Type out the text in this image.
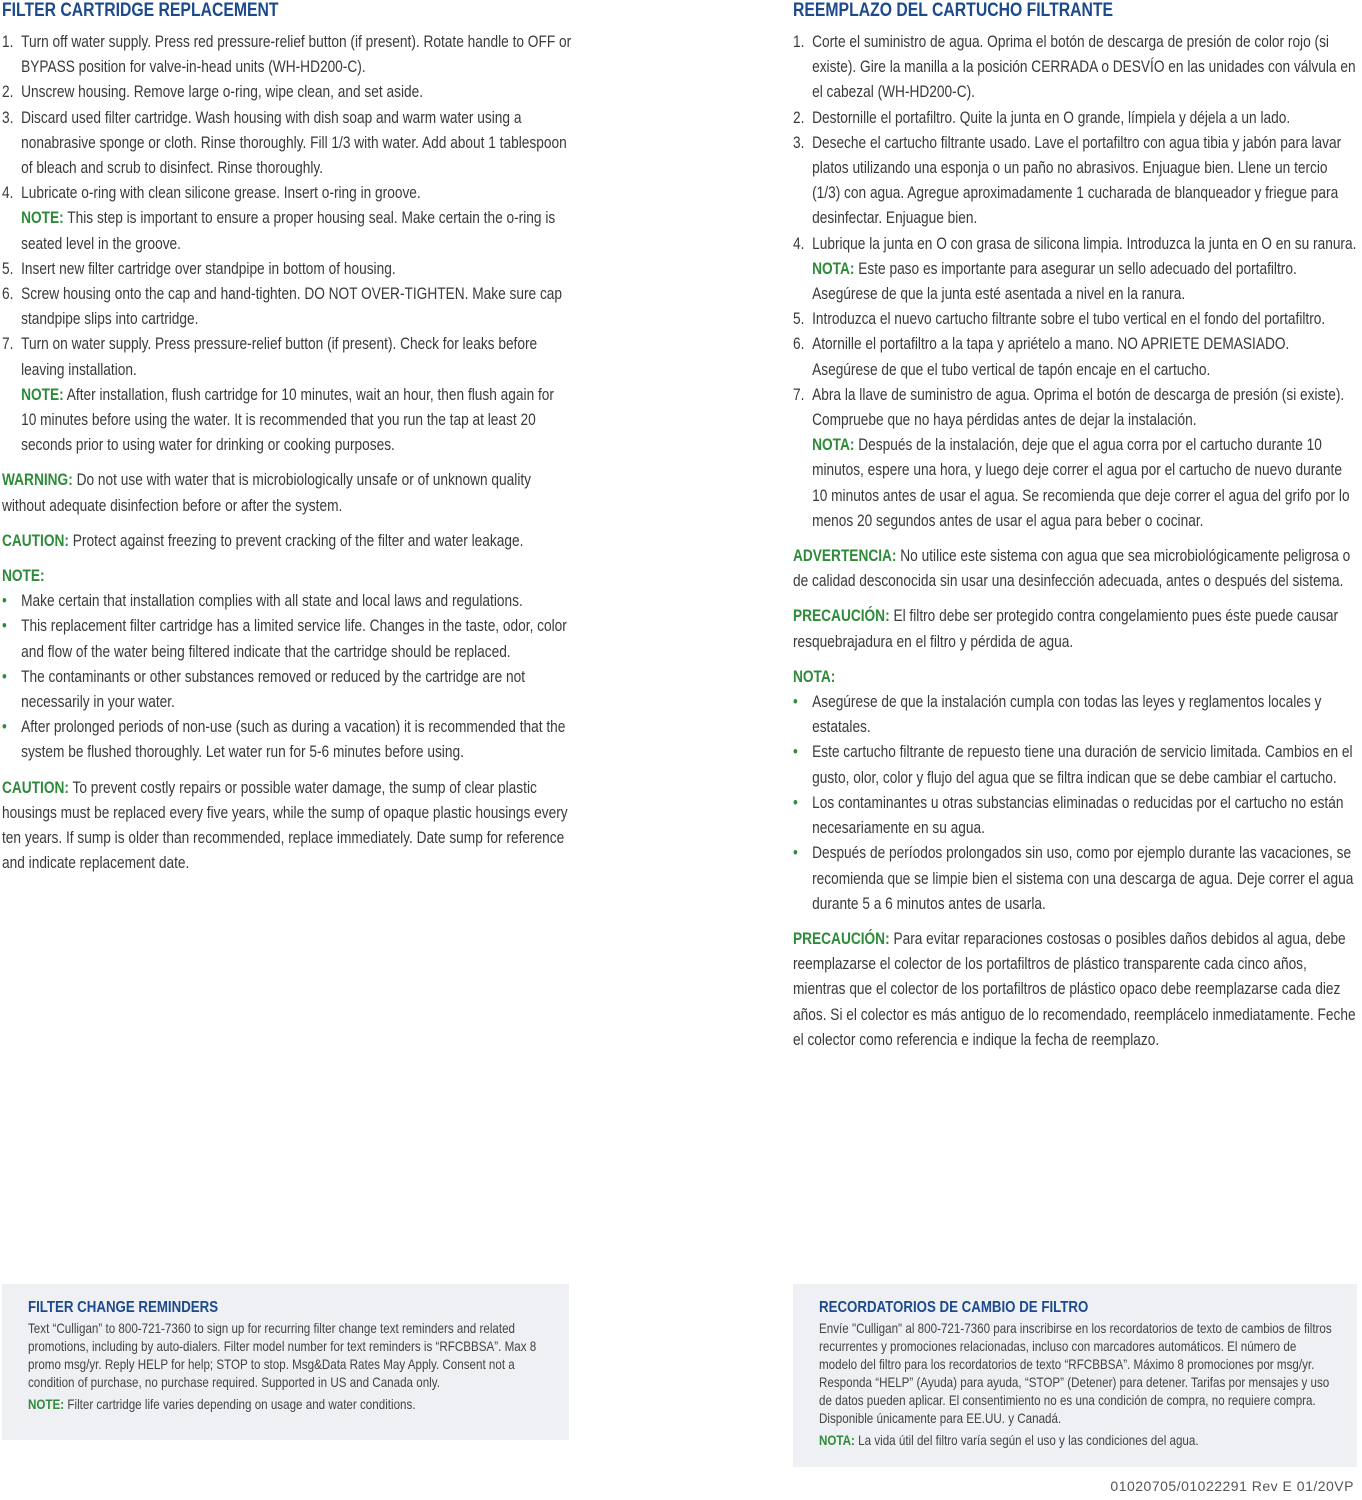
FILTER CARTRIDGE REPLACEMENT
1. Turn off water supply. Press red pressure-relief button (if present). Rotate handle to OFF or BYPASS position for valve-in-head units (WH-HD200-C).
2. Unscrew housing. Remove large o-ring, wipe clean, and set aside.
3. Discard used filter cartridge. Wash housing with dish soap and warm water using a nonabrasive sponge or cloth. Rinse thoroughly. Fill 1/3 with water. Add about 1 tablespoon of bleach and scrub to disinfect. Rinse thoroughly.
4. Lubricate o-ring with clean silicone grease. Insert o-ring in groove.
NOTE: This step is important to ensure a proper housing seal. Make certain the o-ring is seated level in the groove.
5. Insert new filter cartridge over standpipe in bottom of housing.
6. Screw housing onto the cap and hand-tighten. DO NOT OVER-TIGHTEN. Make sure cap standpipe slips into cartridge.
7. Turn on water supply. Press pressure-relief button (if present). Check for leaks before leaving installation.
NOTE: After installation, flush cartridge for 10 minutes, wait an hour, then flush again for 10 minutes before using the water. It is recommended that you run the tap at least 20 seconds prior to using water for drinking or cooking purposes.
WARNING: Do not use with water that is microbiologically unsafe or of unknown quality without adequate disinfection before or after the system.
CAUTION: Protect against freezing to prevent cracking of the filter and water leakage.
NOTE:
• Make certain that installation complies with all state and local laws and regulations.
• This replacement filter cartridge has a limited service life. Changes in the taste, odor, color and flow of the water being filtered indicate that the cartridge should be replaced.
• The contaminants or other substances removed or reduced by the cartridge are not necessarily in your water.
• After prolonged periods of non-use (such as during a vacation) it is recommended that the system be flushed thoroughly. Let water run for 5-6 minutes before using.
CAUTION: To prevent costly repairs or possible water damage, the sump of clear plastic housings must be replaced every five years, while the sump of opaque plastic housings every ten years. If sump is older than recommended, replace immediately. Date sump for reference and indicate replacement date.
REEMPLAZO DEL CARTUCHO FILTRANTE
1. Corte el suministro de agua. Oprima el botón de descarga de presión de color rojo (si existe). Gire la manilla a la posición CERRADA o DESVÍO en las unidades con válvula en el cabezal (WH-HD200-C).
2. Destornille el portafiltro. Quite la junta en O grande, límpiela y déjela a un lado.
3. Deseche el cartucho filtrante usado. Lave el portafiltro con agua tibia y jabón para lavar platos utilizando una esponja o un paño no abrasivos. Enjuague bien. Llene un tercio (1/3) con agua. Agregue aproximadamente 1 cucharada de blanqueador y friegue para desinfectar. Enjuague bien.
4. Lubrique la junta en O con grasa de silicona limpia. Introduzca la junta en O en su ranura.
NOTA: Este paso es importante para asegurar un sello adecuado del portafiltro. Asegúrese de que la junta esté asentada a nivel en la ranura.
5. Introduzca el nuevo cartucho filtrante sobre el tubo vertical en el fondo del portafiltro.
6. Atornille el portafiltro a la tapa y apriételo a mano. NO APRIETE DEMASIADO. Asegúrese de que el tubo vertical de tapón encaje en el cartucho.
7. Abra la llave de suministro de agua. Oprima el botón de descarga de presión (si existe). Compruebe que no haya pérdidas antes de dejar la instalación.
NOTA: Después de la instalación, deje que el agua corra por el cartucho durante 10 minutos, espere una hora, y luego deje correr el agua por el cartucho de nuevo durante 10 minutos antes de usar el agua. Se recomienda que deje correr el agua del grifo por lo menos 20 segundos antes de usar el agua para beber o cocinar.
ADVERTENCIA: No utilice este sistema con agua que sea microbiológicamente peligrosa o de calidad desconocida sin usar una desinfección adecuada, antes o después del sistema.
PRECAUCIÓN: El filtro debe ser protegido contra congelamiento pues éste puede causar resquebrajadura en el filtro y pérdida de agua.
NOTA:
• Asegúrese de que la instalación cumpla con todas las leyes y reglamentos locales y estatales.
• Este cartucho filtrante de repuesto tiene una duración de servicio limitada. Cambios en el gusto, olor, color y flujo del agua que se filtra indican que se debe cambiar el cartucho.
• Los contaminantes u otras substancias eliminadas o reducidas por el cartucho no están necesariamente en su agua.
• Después de períodos prolongados sin uso, como por ejemplo durante las vacaciones, se recomienda que se limpie bien el sistema con una descarga de agua. Deje correr el agua durante 5 a 6 minutos antes de usarla.
PRECAUCIÓN: Para evitar reparaciones costosas o posibles daños debidos al agua, debe reemplazarse el colector de los portafiltros de plástico transparente cada cinco años, mientras que el colector de los portafiltros de plástico opaco debe reemplazarse cada diez años. Si el colector es más antiguo de lo recomendado, reemplácelo inmediatamente. Feche el colector como referencia e indique la fecha de reemplazo.
FILTER CHANGE REMINDERS
Text “Culligan” to 800-721-7360 to sign up for recurring filter change text reminders and related promotions, including by auto-dialers. Filter model number for text reminders is “RFCBBSA”. Max 8 promo msg/yr. Reply HELP for help; STOP to stop. Msg&Data Rates May Apply. Consent not a condition of purchase, no purchase required. Supported in US and Canada only.
NOTE: Filter cartridge life varies depending on usage and water conditions.
RECORDATORIOS DE CAMBIO DE FILTRO
Envíe "Culligan" al 800-721-7360 para inscribirse en los recordatorios de texto de cambios de filtros recurrentes y promociones relacionadas, incluso con marcadores automáticos. El número de modelo del filtro para los recordatorios de texto “RFCBBSA”. Máximo 8 promociones por msg/yr. Responda “HELP” (Ayuda) para ayuda, “STOP” (Detener) para detener. Tarifas por mensajes y uso de datos pueden aplicar. El consentimiento no es una condición de compra, no requiere compra. Disponible únicamente para EE.UU. y Canadá.
NOTA: La vida útil del filtro varía según el uso y las condiciones del agua.
01020705/01022291 Rev E 01/20VP
